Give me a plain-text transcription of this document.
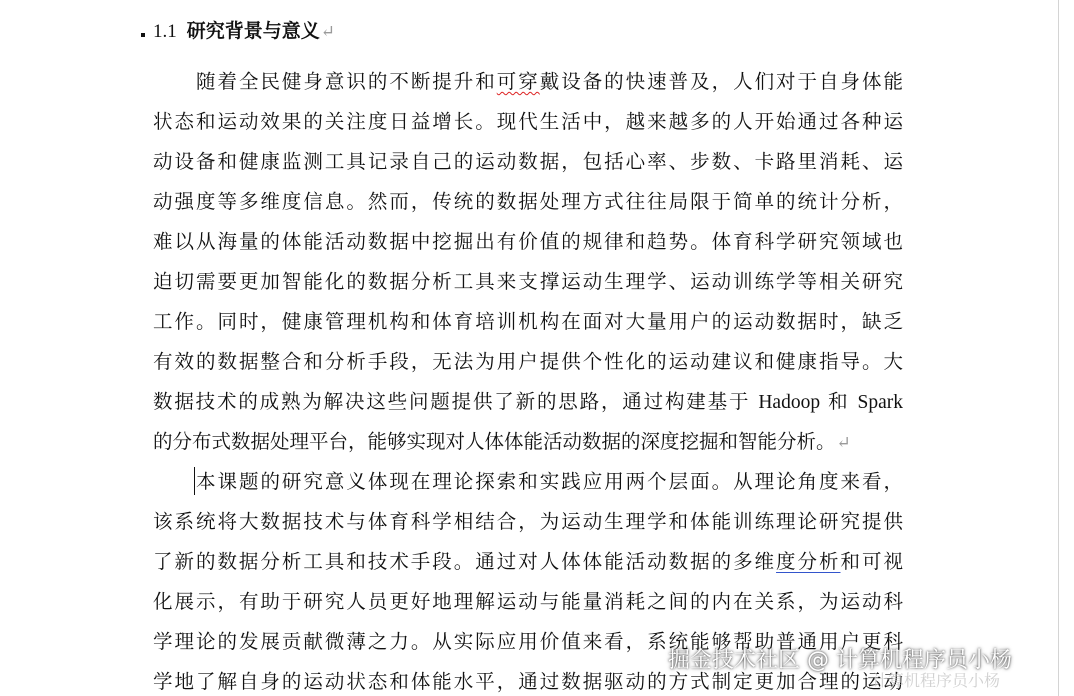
1.1 研究背景与意义↵
随着全民健身意识的不断提升和可穿戴设备的快速普及，人们对于自身体能
状态和运动效果的关注度日益增长。现代生活中，越来越多的人开始通过各种运
动设备和健康监测工具记录自己的运动数据，包括心率、步数、卡路里消耗、运
动强度等多维度信息。然而，传统的数据处理方式往往局限于简单的统计分析，
难以从海量的体能活动数据中挖掘出有价值的规律和趋势。体育科学研究领域也
迫切需要更加智能化的数据分析工具来支撑运动生理学、运动训练学等相关研究
工作。同时，健康管理机构和体育培训机构在面对大量用户的运动数据时，缺乏
有效的数据整合和分析手段，无法为用户提供个性化的运动建议和健康指导。大
数据技术的成熟为解决这些问题提供了新的思路，通过构建基于 Hadoop 和 Spark
的分布式数据处理平台，能够实现对人体体能活动数据的深度挖掘和智能分析。↵
本课题的研究意义体现在理论探索和实践应用两个层面。从理论角度来看，
该系统将大数据技术与体育科学相结合，为运动生理学和体能训练理论研究提供
了新的数据分析工具和技术手段。通过对人体体能活动数据的多维度分析和可视
化展示，有助于研究人员更好地理解运动与能量消耗之间的内在关系，为运动科
学理论的发展贡献微薄之力。从实际应用价值来看，系统能够帮助普通用户更科
学地了解自身的运动状态和体能水平，通过数据驱动的方式制定更加合理的运动
掘金技术社区 @ 计算机程序员小杨
计算机程序员小杨
